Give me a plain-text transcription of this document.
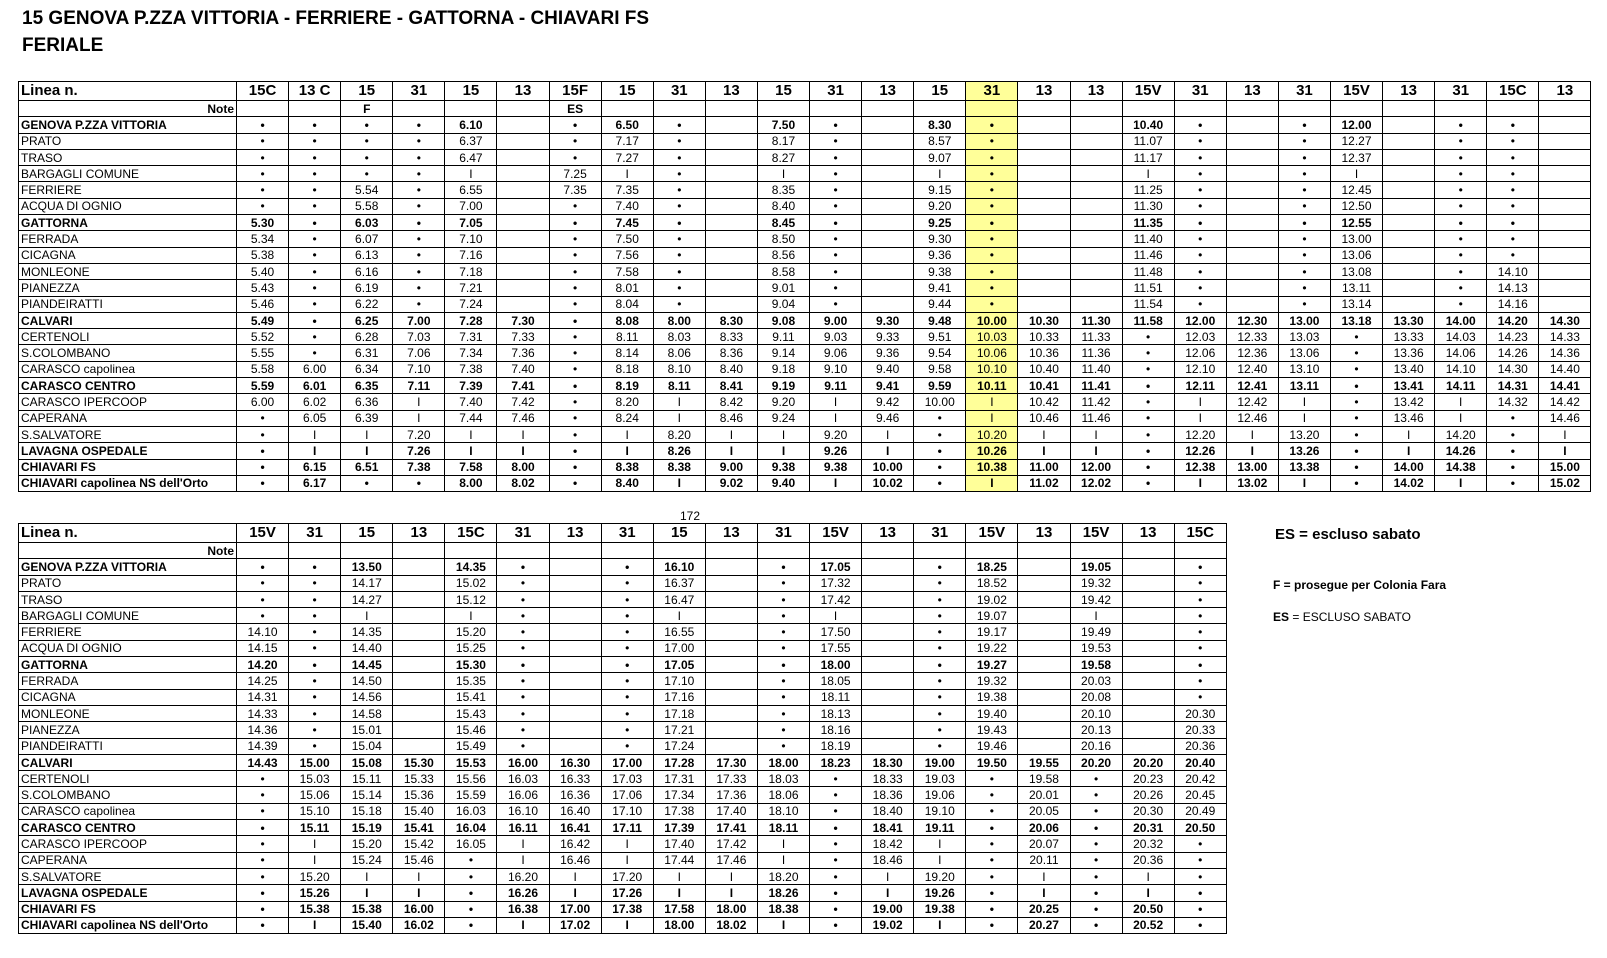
15 GENOVA P.ZZA VITTORIA - FERRIERE - GATTORNA - CHIAVARI FS
FERIALE
Linea n.	15C	13 C	15	31	15	13	15F	15	31	13	15	31	13	15	31	13	13	15V	31	13	31	15V	13	31	15C	13
Note			F				ES																			
GENOVA P.ZZA VITTORIA	•	•	•	•	6.10		•	6.50	•		7.50	•		8.30	•			10.40	•		•	12.00		•	•	
PRATO	•	•	•	•	6.37		•	7.17	•		8.17	•		8.57	•			11.07	•		•	12.27		•	•	
TRASO	•	•	•	•	6.47		•	7.27	•		8.27	•		9.07	•			11.17	•		•	12.37		•	•	
BARGAGLI COMUNE	•	•	•	•	I		7.25	I	•		I	•		I	•			I	•		•	I		•	•	
FERRIERE	•	•	5.54	•	6.55		7.35	7.35	•		8.35	•		9.15	•			11.25	•		•	12.45		•	•	
ACQUA DI OGNIO	•	•	5.58	•	7.00		•	7.40	•		8.40	•		9.20	•			11.30	•		•	12.50		•	•	
GATTORNA	5.30	•	6.03	•	7.05		•	7.45	•		8.45	•		9.25	•			11.35	•		•	12.55		•	•	
FERRADA	5.34	•	6.07	•	7.10		•	7.50	•		8.50	•		9.30	•			11.40	•		•	13.00		•	•	
CICAGNA	5.38	•	6.13	•	7.16		•	7.56	•		8.56	•		9.36	•			11.46	•		•	13.06		•	•	
MONLEONE	5.40	•	6.16	•	7.18		•	7.58	•		8.58	•		9.38	•			11.48	•		•	13.08		•	14.10	
PIANEZZA	5.43	•	6.19	•	7.21		•	8.01	•		9.01	•		9.41	•			11.51	•		•	13.11		•	14.13	
PIANDEIRATTI	5.46	•	6.22	•	7.24		•	8.04	•		9.04	•		9.44	•			11.54	•		•	13.14		•	14.16	
CALVARI	5.49	•	6.25	7.00	7.28	7.30	•	8.08	8.00	8.30	9.08	9.00	9.30	9.48	10.00	10.30	11.30	11.58	12.00	12.30	13.00	13.18	13.30	14.00	14.20	14.30
CERTENOLI	5.52	•	6.28	7.03	7.31	7.33	•	8.11	8.03	8.33	9.11	9.03	9.33	9.51	10.03	10.33	11.33	•	12.03	12.33	13.03	•	13.33	14.03	14.23	14.33
S.COLOMBANO	5.55	•	6.31	7.06	7.34	7.36	•	8.14	8.06	8.36	9.14	9.06	9.36	9.54	10.06	10.36	11.36	•	12.06	12.36	13.06	•	13.36	14.06	14.26	14.36
CARASCO capolinea	5.58	6.00	6.34	7.10	7.38	7.40	•	8.18	8.10	8.40	9.18	9.10	9.40	9.58	10.10	10.40	11.40	•	12.10	12.40	13.10	•	13.40	14.10	14.30	14.40
CARASCO CENTRO	5.59	6.01	6.35	7.11	7.39	7.41	•	8.19	8.11	8.41	9.19	9.11	9.41	9.59	10.11	10.41	11.41	•	12.11	12.41	13.11	•	13.41	14.11	14.31	14.41
CARASCO IPERCOOP	6.00	6.02	6.36	I	7.40	7.42	•	8.20	I	8.42	9.20	I	9.42	10.00	I	10.42	11.42	•	I	12.42	I	•	13.42	I	14.32	14.42
CAPERANA	•	6.05	6.39	I	7.44	7.46	•	8.24	I	8.46	9.24	I	9.46	•	I	10.46	11.46	•	I	12.46	I	•	13.46	I	•	14.46
S.SALVATORE	•	I	I	7.20	I	I	•	I	8.20	I	I	9.20	I	•	10.20	I	I	•	12.20	I	13.20	•	I	14.20	•	I
LAVAGNA OSPEDALE	•	I	I	7.26	I	I	•	I	8.26	I	I	9.26	I	•	10.26	I	I	•	12.26	I	13.26	•	I	14.26	•	I
CHIAVARI FS	•	6.15	6.51	7.38	7.58	8.00	•	8.38	8.38	9.00	9.38	9.38	10.00	•	10.38	11.00	12.00	•	12.38	13.00	13.38	•	14.00	14.38	•	15.00
CHIAVARI capolinea NS dell'Orto	•	6.17	•	•	8.00	8.02	•	8.40	I	9.02	9.40	I	10.02	•	I	11.02	12.02	•	I	13.02	I	•	14.02	I	•	15.02
172
Linea n.	15V	31	15	13	15C	31	13	31	15	13	31	15V	13	31	15V	13	15V	13	15C
Note																			
GENOVA P.ZZA VITTORIA	•	•	13.50		14.35	•		•	16.10		•	17.05		•	18.25		19.05		•
PRATO	•	•	14.17		15.02	•		•	16.37		•	17.32		•	18.52		19.32		•
TRASO	•	•	14.27		15.12	•		•	16.47		•	17.42		•	19.02		19.42		•
BARGAGLI COMUNE	•	•	I		I	•		•	I		•	I		•	19.07		I		•
FERRIERE	14.10	•	14.35		15.20	•		•	16.55		•	17.50		•	19.17		19.49		•
ACQUA DI OGNIO	14.15	•	14.40		15.25	•		•	17.00		•	17.55		•	19.22		19.53		•
GATTORNA	14.20	•	14.45		15.30	•		•	17.05		•	18.00		•	19.27		19.58		•
FERRADA	14.25	•	14.50		15.35	•		•	17.10		•	18.05		•	19.32		20.03		•
CICAGNA	14.31	•	14.56		15.41	•		•	17.16		•	18.11		•	19.38		20.08		•
MONLEONE	14.33	•	14.58		15.43	•		•	17.18		•	18.13		•	19.40		20.10		20.30
PIANEZZA	14.36	•	15.01		15.46	•		•	17.21		•	18.16		•	19.43		20.13		20.33
PIANDEIRATTI	14.39	•	15.04		15.49	•		•	17.24		•	18.19		•	19.46		20.16		20.36
CALVARI	14.43	15.00	15.08	15.30	15.53	16.00	16.30	17.00	17.28	17.30	18.00	18.23	18.30	19.00	19.50	19.55	20.20	20.20	20.40
CERTENOLI	•	15.03	15.11	15.33	15.56	16.03	16.33	17.03	17.31	17.33	18.03	•	18.33	19.03	•	19.58	•	20.23	20.42
S.COLOMBANO	•	15.06	15.14	15.36	15.59	16.06	16.36	17.06	17.34	17.36	18.06	•	18.36	19.06	•	20.01	•	20.26	20.45
CARASCO capolinea	•	15.10	15.18	15.40	16.03	16.10	16.40	17.10	17.38	17.40	18.10	•	18.40	19.10	•	20.05	•	20.30	20.49
CARASCO CENTRO	•	15.11	15.19	15.41	16.04	16.11	16.41	17.11	17.39	17.41	18.11	•	18.41	19.11	•	20.06	•	20.31	20.50
CARASCO IPERCOOP	•	I	15.20	15.42	16.05	I	16.42	I	17.40	17.42	I	•	18.42	I	•	20.07	•	20.32	•
CAPERANA	•	I	15.24	15.46	•	I	16.46	I	17.44	17.46	I	•	18.46	I	•	20.11	•	20.36	•
S.SALVATORE	•	15.20	I	I	•	16.20	I	17.20	I	I	18.20	•	I	19.20	•	I	•	I	•
LAVAGNA OSPEDALE	•	15.26	I	I	•	16.26	I	17.26	I	I	18.26	•	I	19.26	•	I	•	I	•
CHIAVARI FS	•	15.38	15.38	16.00	•	16.38	17.00	17.38	17.58	18.00	18.38	•	19.00	19.38	•	20.25	•	20.50	•
CHIAVARI capolinea NS dell'Orto	•	I	15.40	16.02	•	I	17.02	I	18.00	18.02	I	•	19.02	I	•	20.27	•	20.52	•
ES = escluso sabato
F = prosegue per Colonia Fara
ES = ESCLUSO SABATO
